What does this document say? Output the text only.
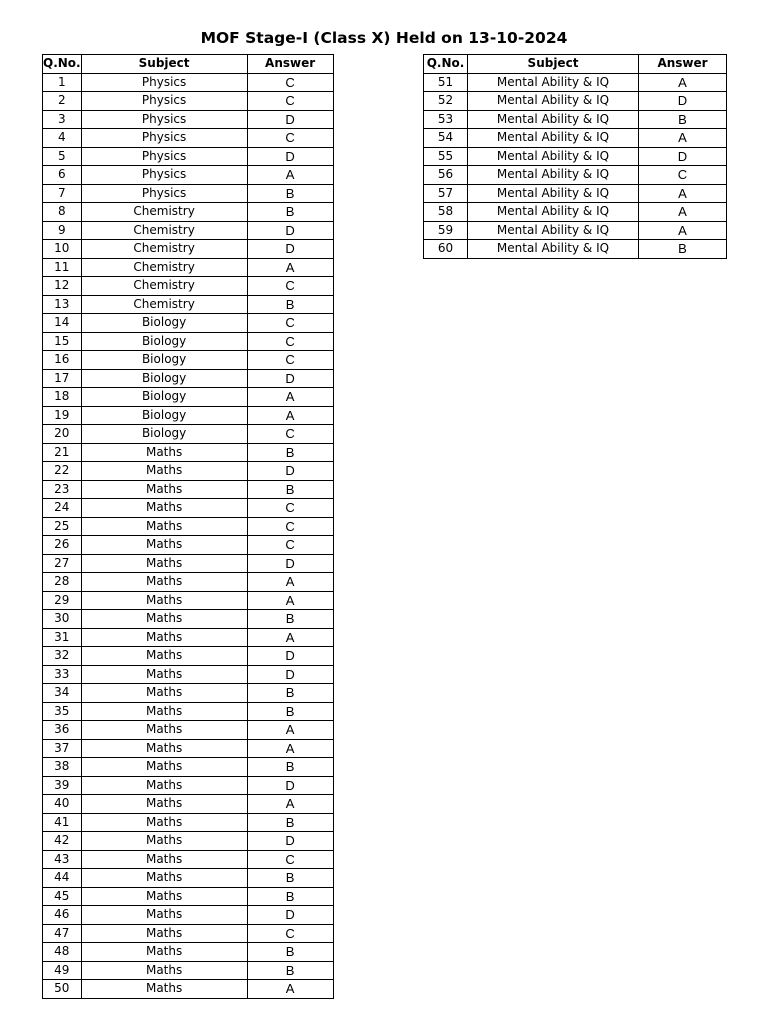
MOF Stage-I (Class X) Held on 13-10-2024
Q.No.	Subject	Answer
1	Physics	C
2	Physics	C
3	Physics	D
4	Physics	C
5	Physics	D
6	Physics	A
7	Physics	B
8	Chemistry	B
9	Chemistry	D
10	Chemistry	D
11	Chemistry	A
12	Chemistry	C
13	Chemistry	B
14	Biology	C
15	Biology	C
16	Biology	C
17	Biology	D
18	Biology	A
19	Biology	A
20	Biology	C
21	Maths	B
22	Maths	D
23	Maths	B
24	Maths	C
25	Maths	C
26	Maths	C
27	Maths	D
28	Maths	A
29	Maths	A
30	Maths	B
31	Maths	A
32	Maths	D
33	Maths	D
34	Maths	B
35	Maths	B
36	Maths	A
37	Maths	A
38	Maths	B
39	Maths	D
40	Maths	A
41	Maths	B
42	Maths	D
43	Maths	C
44	Maths	B
45	Maths	B
46	Maths	D
47	Maths	C
48	Maths	B
49	Maths	B
50	Maths	A
Q.No.	Subject	Answer
51	Mental Ability & IQ	A
52	Mental Ability & IQ	D
53	Mental Ability & IQ	B
54	Mental Ability & IQ	A
55	Mental Ability & IQ	D
56	Mental Ability & IQ	C
57	Mental Ability & IQ	A
58	Mental Ability & IQ	A
59	Mental Ability & IQ	A
60	Mental Ability & IQ	B
